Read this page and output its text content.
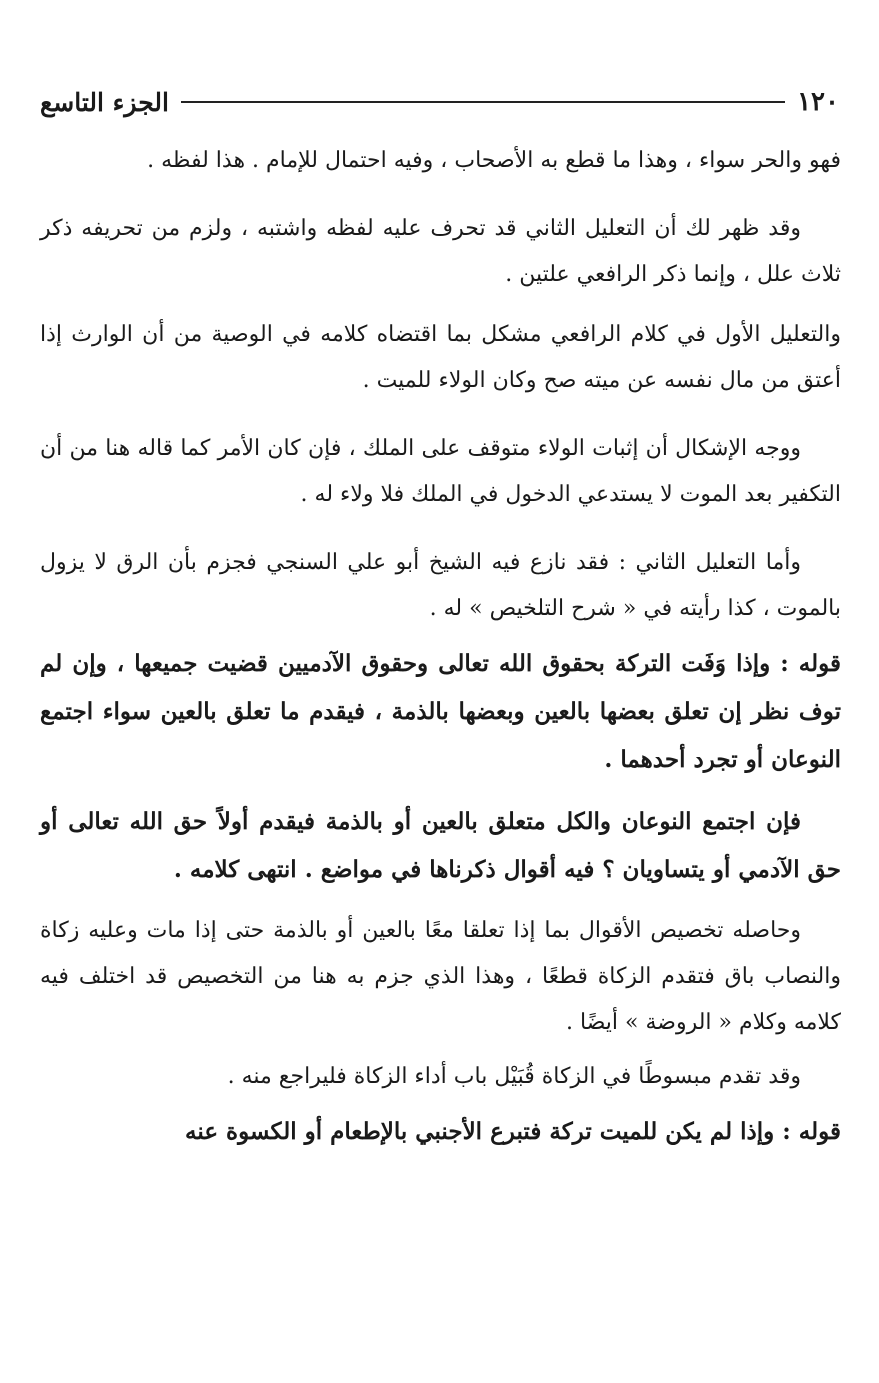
١٢٠
الجزء التاسع

فهو والحر سواء ، وهذا ما قطع به الأصحاب ، وفيه احتمال للإمام . هذا لفظه .

وقد ظهر لك أن التعليل الثاني قد تحرف عليه لفظه واشتبه ، ولزم من تحريفه ذكر ثلاث علل ، وإنما ذكر الرافعي علتين .

والتعليل الأول في كلام الرافعي مشكل بما اقتضاه كلامه في الوصية من أن الوارث إذا أعتق من مال نفسه عن ميته صح وكان الولاء للميت .

ووجه الإشكال أن إثبات الولاء متوقف على الملك ، فإن كان الأمر كما قاله هنا من أن التكفير بعد الموت لا يستدعي الدخول في الملك فلا ولاء له .

وأما التعليل الثاني : فقد نازع فيه الشيخ أبو علي السنجي فجزم بأن الرق لا يزول بالموت ، كذا رأيته في « شرح التلخيص » له .

قوله : وإذا وَفَت التركة بحقوق الله تعالى وحقوق الآدميين قضيت جميعها ، وإن لم توف نظر إن تعلق بعضها بالعين وبعضها بالذمة ، فيقدم ما تعلق بالعين سواء اجتمع النوعان أو تجرد أحدهما .

فإن اجتمع النوعان والكل متعلق بالعين أو بالذمة فيقدم أولاً حق الله تعالى أو حق الآدمي أو يتساويان ؟ فيه أقوال ذكرناها في مواضع . انتهى كلامه .

وحاصله تخصيص الأقوال بما إذا تعلقا معًا بالعين أو بالذمة حتى إذا مات وعليه زكاة والنصاب باق فتقدم الزكاة قطعًا ، وهذا الذي جزم به هنا من التخصيص قد اختلف فيه كلامه وكلام « الروضة » أيضًا .

وقد تقدم مبسوطًا في الزكاة قُبَيْل باب أداء الزكاة فليراجع منه .

قوله : وإذا لم يكن للميت تركة فتبرع الأجنبي بالإطعام أو الكسوة عنه
